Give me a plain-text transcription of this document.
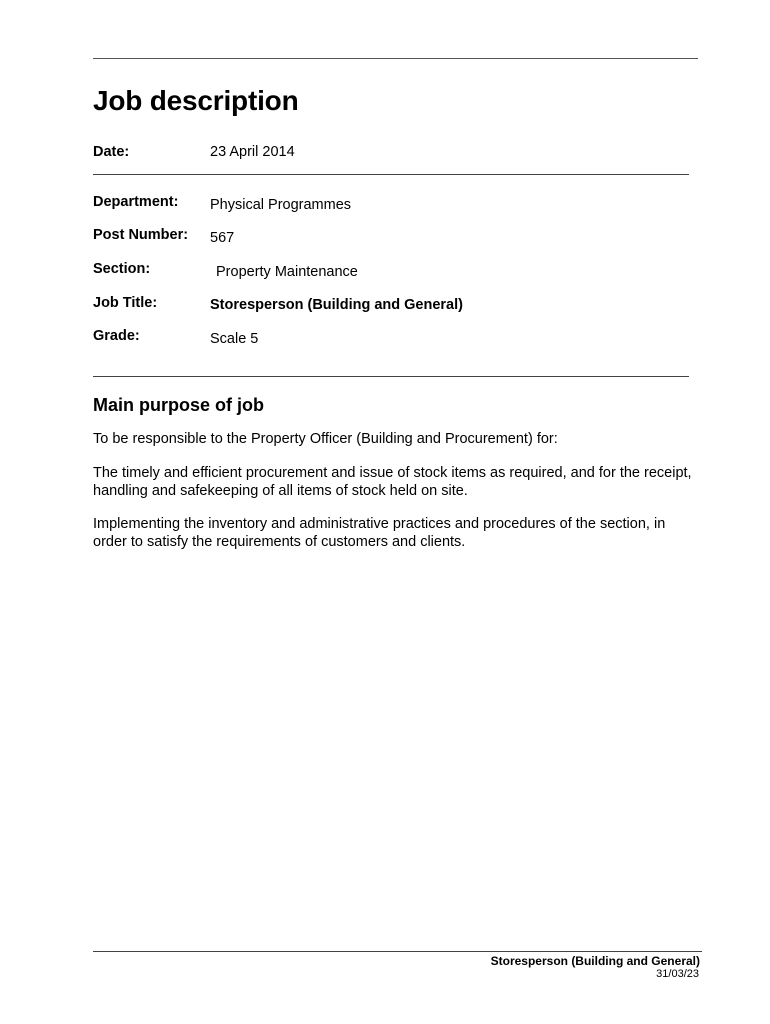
Job description
Date:	23 April 2014
Department: Physical Programmes
Post Number: 567
Section:	Property Maintenance
Job Title:	Storesperson (Building and General)
Grade:	Scale 5
Main purpose of job

To be responsible to the Property Officer (Building and Procurement) for:

The timely and efficient procurement and issue of stock items as required, and for the receipt, handling and safekeeping of all items of stock held on site.

Implementing the inventory and administrative practices and procedures of the section, in order to satisfy the requirements of customers and clients.

Storesperson (Building and General)
31/03/23
